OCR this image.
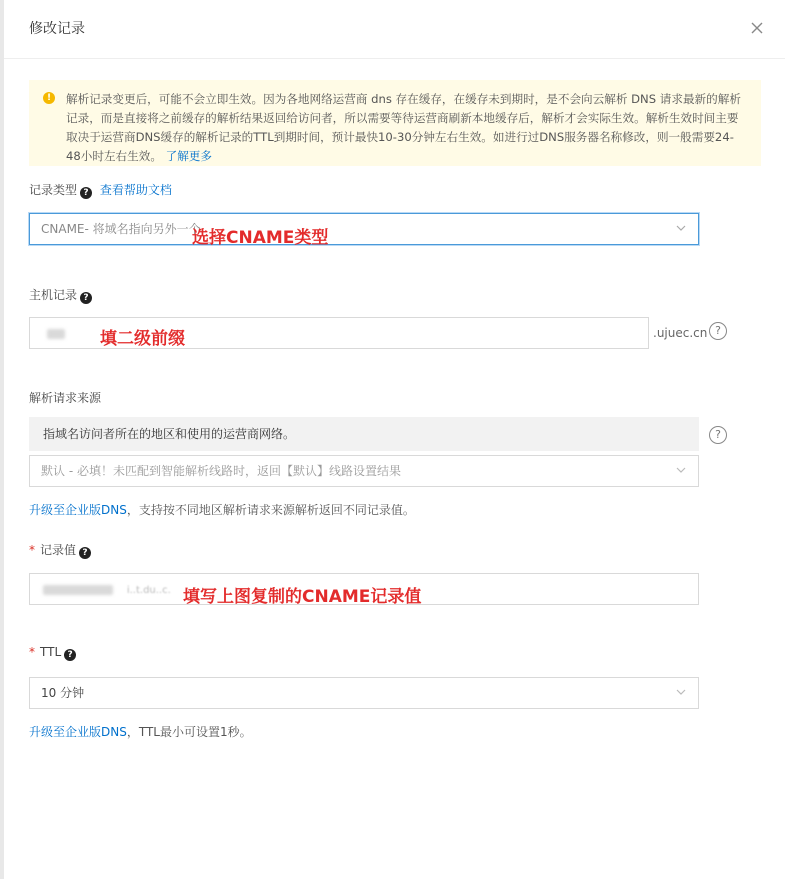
修改记录
!	解析记录变更后，可能不会立即生效。因为各地网络运营商 dns 存在缓存，在缓存未到期时，是不会向云解析 DNS 请求最新的解析记录，而是直接将之前缓存的解析结果返回给访问者，所以需要等待运营商刷新本地缓存后，解析才会实际生效。解析生效时间主要取决于运营商DNS缓存的解析记录的TTL到期时间，预计最快10-30分钟左右生效。如进行过DNS服务器名称修改，则一般需要24-48小时左右生效。 了解更多
记录类型 ? 查看帮助文档
CNAME- 将域名指向另外一个
选择CNAME类型
主机记录 ?
填二级前缀	.ujuec.cn ?
解析请求来源
指域名访问者所在的地区和使用的运营商网络。	?
默认 - 必填！未匹配到智能解析线路时，返回【默认】线路设置结果
升级至企业版DNS，支持按不同地区解析请求来源解析返回不同记录值。
* 记录值 ?
i..t.du..c. 填写上图复制的CNAME记录值
* TTL ?
10 分钟
升级至企业版DNS，TTL最小可设置1秒。
